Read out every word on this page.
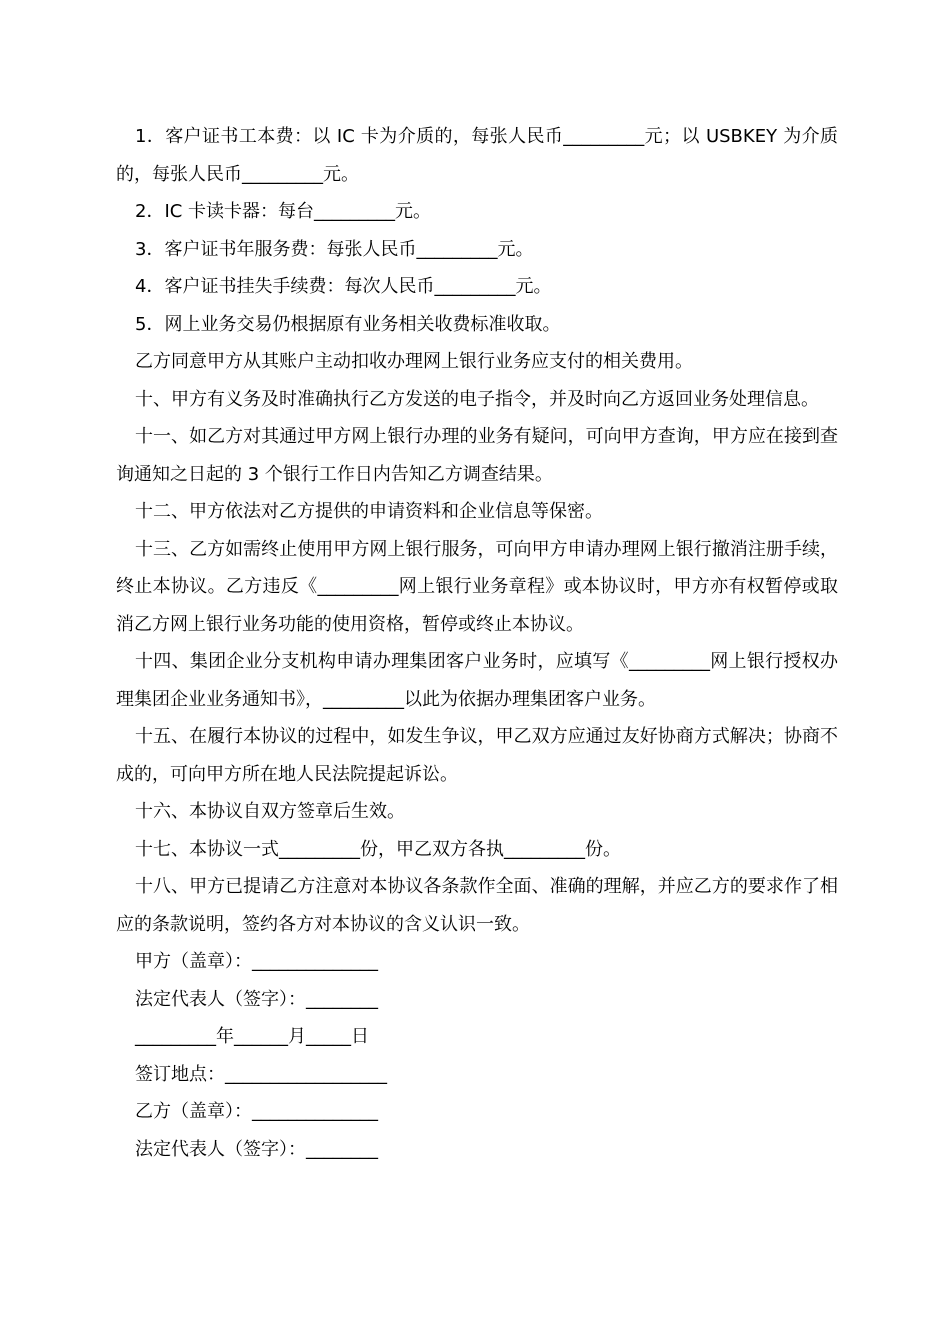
1．客户证书工本费：以 IC 卡为介质的，每张人民币_________元；以 USBKEY 为介质的，每张人民币_________元。

2．IC 卡读卡器：每台_________元。

3．客户证书年服务费：每张人民币_________元。

4．客户证书挂失手续费：每次人民币_________元。

5．网上业务交易仍根据原有业务相关收费标准收取。

乙方同意甲方从其账户主动扣收办理网上银行业务应支付的相关费用。

十、甲方有义务及时准确执行乙方发送的电子指令，并及时向乙方返回业务处理信息。

十一、如乙方对其通过甲方网上银行办理的业务有疑问，可向甲方查询，甲方应在接到查询通知之日起的 3 个银行工作日内告知乙方调查结果。

十二、甲方依法对乙方提供的申请资料和企业信息等保密。

十三、乙方如需终止使用甲方网上银行服务，可向甲方申请办理网上银行撤消注册手续，终止本协议。乙方违反《_________网上银行业务章程》或本协议时，甲方亦有权暂停或取消乙方网上银行业务功能的使用资格，暂停或终止本协议。

十四、集团企业分支机构申请办理集团客户业务时，应填写《_________网上银行授权办理集团企业业务通知书》，_________以此为依据办理集团客户业务。

十五、在履行本协议的过程中，如发生争议，甲乙双方应通过友好协商方式解决；协商不成的，可向甲方所在地人民法院提起诉讼。

十六、本协议自双方签章后生效。

十七、本协议一式_________份，甲乙双方各执_________份。

十八、甲方已提请乙方注意对本协议各条款作全面、准确的理解，并应乙方的要求作了相应的条款说明，签约各方对本协议的含义认识一致。

甲方（盖章）：______________

法定代表人（签字）：________

_________年______月_____日

签订地点：__________________

乙方（盖章）：______________

法定代表人（签字）：________
